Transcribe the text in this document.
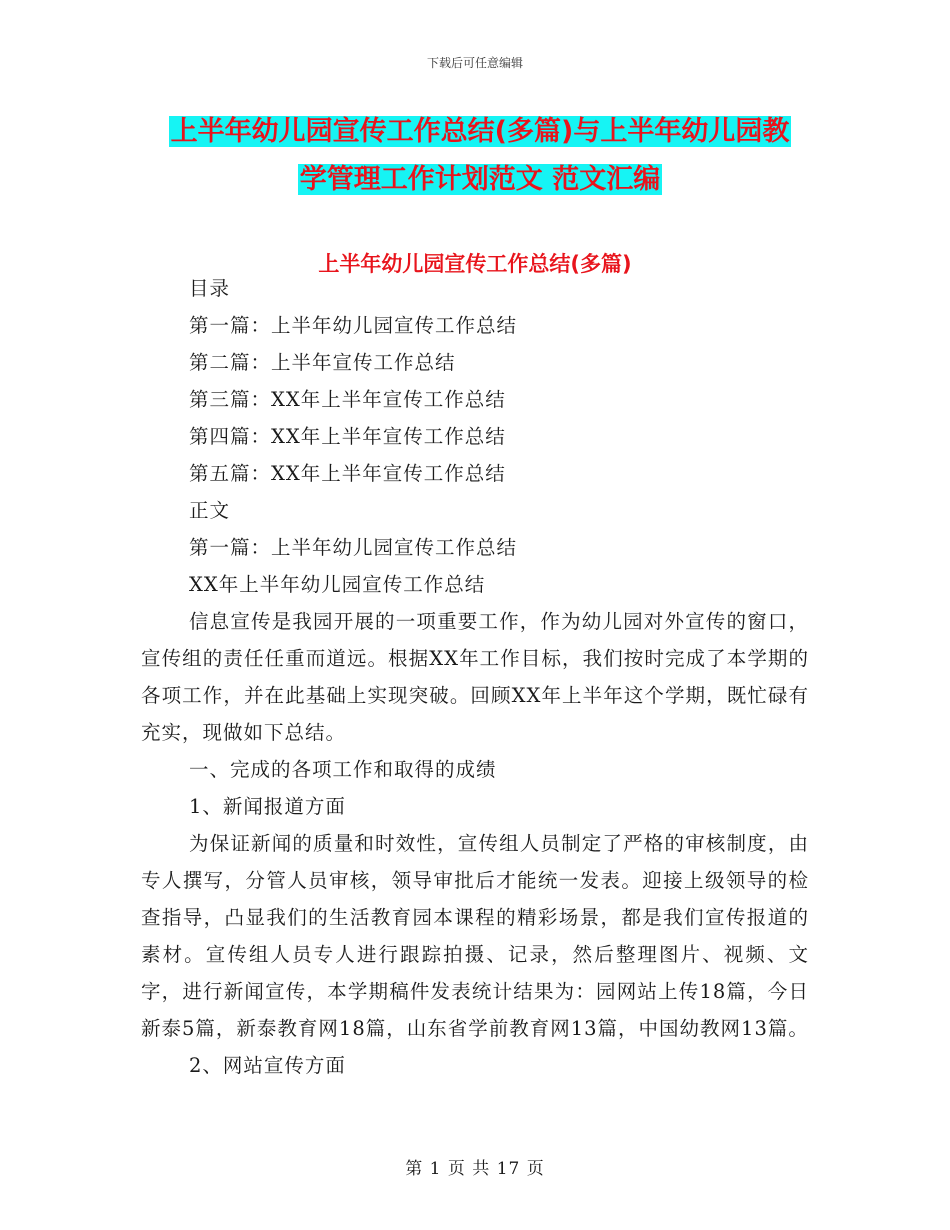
下载后可任意编辑
上半年幼儿园宣传工作总结(多篇)与上半年幼儿园教
学管理工作计划范文 范文汇编
上半年幼儿园宣传工作总结(多篇)

目录

第一篇：上半年幼儿园宣传工作总结

第二篇：上半年宣传工作总结

第三篇：XX年上半年宣传工作总结

第四篇：XX年上半年宣传工作总结

第五篇：XX年上半年宣传工作总结

正文

第一篇：上半年幼儿园宣传工作总结

XX年上半年幼儿园宣传工作总结

信息宣传是我园开展的一项重要工作，作为幼儿园对外宣传的窗口，宣传组的责任任重而道远。根据XX年工作目标，我们按时完成了本学期的各项工作，并在此基础上实现突破。回顾XX年上半年这个学期，既忙碌有充实，现做如下总结。

一、完成的各项工作和取得的成绩

1、新闻报道方面

为保证新闻的质量和时效性，宣传组人员制定了严格的审核制度，由专人撰写，分管人员审核，领导审批后才能统一发表。迎接上级领导的检查指导，凸显我们的生活教育园本课程的精彩场景，都是我们宣传报道的素材。宣传组人员专人进行跟踪拍摄、记录，然后整理图片、视频、文字，进行新闻宣传，本学期稿件发表统计结果为：园网站上传18篇，今日新泰5篇，新泰教育网18篇，山东省学前教育网13篇，中国幼教网13篇。

2、网站宣传方面

第 1 页 共 17 页
